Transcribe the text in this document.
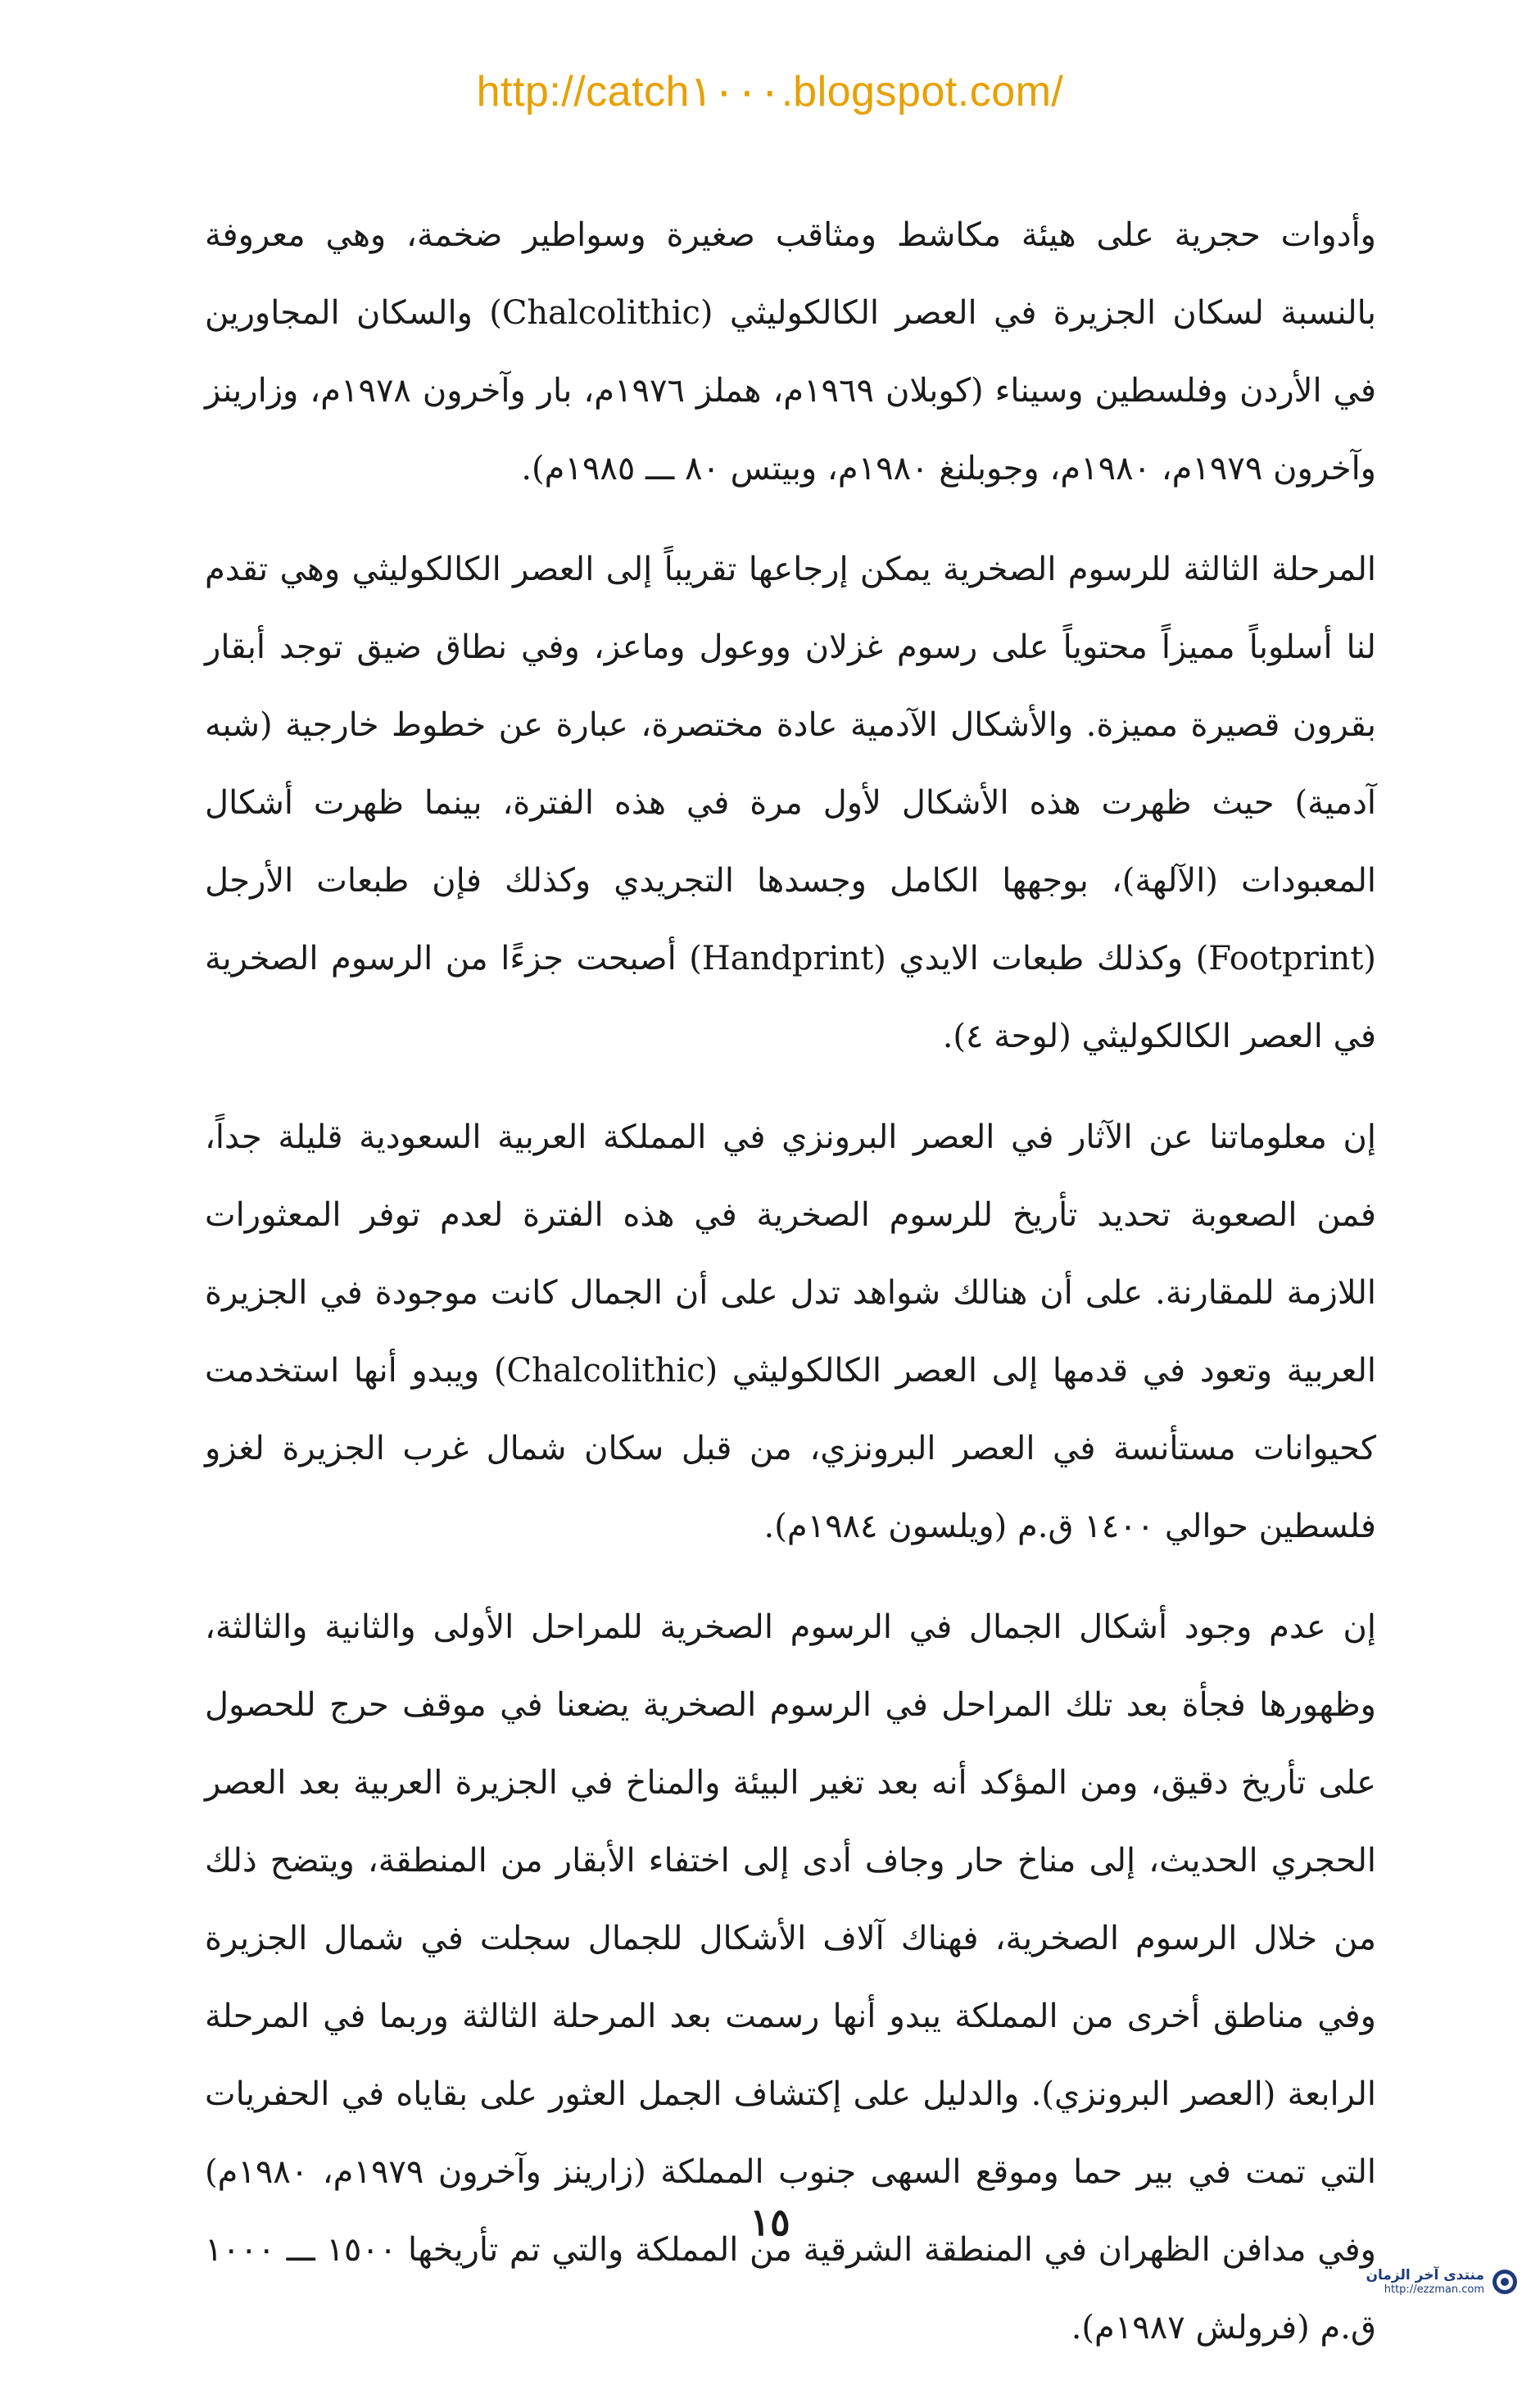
http://catch١٠٠٠.blogspot.com/

وأدوات حجرية على هيئة مكاشط ومثاقب صغيرة وسواطير ضخمة، وهي معروفة بالنسبة لسكان الجزيرة في العصر الكالكوليثي (Chalcolithic) والسكان المجاورين في الأردن وفلسطين وسيناء (كوبلان ١٩٦٩م، هملز ١٩٧٦م، بار وآخرون ١٩٧٨م، وزارينز وآخرون ١٩٧٩م، ١٩٨٠م، وجوبلنغ ١٩٨٠م، وبيتس ٨٠ ـــ ١٩٨٥م).

المرحلة الثالثة للرسوم الصخرية يمكن إرجاعها تقريباً إلى العصر الكالكوليثي وهي تقدم لنا أسلوباً مميزاً محتوياً على رسوم غزلان ووعول وماعز، وفي نطاق ضيق توجد أبقار بقرون قصيرة مميزة. والأشكال الآدمية عادة مختصرة، عبارة عن خطوط خارجية (شبه آدمية) حيث ظهرت هذه الأشكال لأول مرة في هذه الفترة، بينما ظهرت أشكال المعبودات (الآلهة)، بوجهها الكامل وجسدها التجريدي وكذلك فإن طبعات الأرجل (Footprint) وكذلك طبعات الايدي (Handprint) أصبحت جزءًا من الرسوم الصخرية في العصر الكالكوليثي (لوحة ٤).

إن معلوماتنا عن الآثار في العصر البرونزي في المملكة العربية السعودية قليلة جداً، فمن الصعوبة تحديد تأريخ للرسوم الصخرية في هذه الفترة لعدم توفر المعثورات اللازمة للمقارنة. على أن هنالك شواهد تدل على أن الجمال كانت موجودة في الجزيرة العربية وتعود في قدمها إلى العصر الكالكوليثي (Chalcolithic) ويبدو أنها استخدمت كحيوانات مستأنسة في العصر البرونزي، من قبل سكان شمال غرب الجزيرة لغزو فلسطين حوالي ١٤٠٠ ق.م (ويلسون ١٩٨٤م).

إن عدم وجود أشكال الجمال في الرسوم الصخرية للمراحل الأولى والثانية والثالثة، وظهورها فجأة بعد تلك المراحل في الرسوم الصخرية يضعنا في موقف حرج للحصول على تأريخ دقيق، ومن المؤكد أنه بعد تغير البيئة والمناخ في الجزيرة العربية بعد العصر الحجري الحديث، إلى مناخ حار وجاف أدى إلى اختفاء الأبقار من المنطقة، ويتضح ذلك من خلال الرسوم الصخرية، فهناك آلاف الأشكال للجمال سجلت في شمال الجزيرة وفي مناطق أخرى من المملكة يبدو أنها رسمت بعد المرحلة الثالثة وربما في المرحلة الرابعة (العصر البرونزي). والدليل على إكتشاف الجمل العثور على بقاياه في الحفريات التي تمت في بير حما وموقع السهى جنوب المملكة (زارينز وآخرون ١٩٧٩م، ١٩٨٠م) وفي مدافن الظهران في المنطقة الشرقية من المملكة والتي تم تأريخها ١٥٠٠ ـــ ١٠٠٠ ق.م (فرولش ١٩٨٧م).

١٥
منتدى آخر الزمان
http://ezzman.com
